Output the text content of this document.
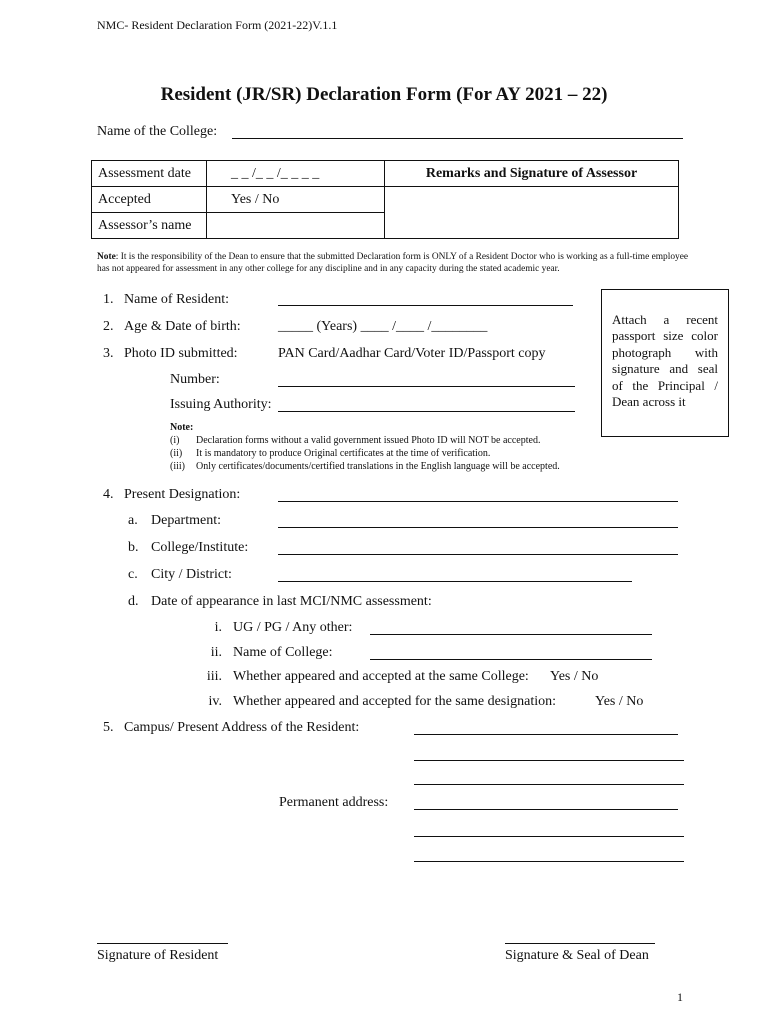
NMC- Resident Declaration Form (2021-22)V.1.1
Resident (JR/SR) Declaration Form (For AY 2021 – 22)
Name of the College:
Assessment date	_ _ /_ _ /_ _ _ _	Remarks and Signature of Assessor
Accepted	Yes / No	
Assessor’s name		
Note: It is the responsibility of the Dean to ensure that the submitted Declaration form is ONLY of a Resident Doctor who is working as a full-time employee has not appeared for assessment in any other college for any discipline and in any capacity during the stated academic year.
Attach a recent passport size color photograph with signature and seal of the Principal / Dean across it
1. Name of Resident:
2. Age & Date of birth:	_____ (Years) ____ /____ /________
3. Photo ID submitted:	PAN Card/Aadhar Card/Voter ID/Passport copy
Number:
Issuing Authority:
Note:
(i) Declaration forms without a valid government issued Photo ID will NOT be accepted.
(ii) It is mandatory to produce Original certificates at the time of verification.
(iii) Only certificates/documents/certified translations in the English language will be accepted.
4. Present Designation:
a. Department:
b. College/Institute:
c. City / District:
d. Date of appearance in last MCI/NMC assessment:
i. UG / PG / Any other:
ii. Name of College:
iii. Whether appeared and accepted at the same College: Yes / No
iv. Whether appeared and accepted for the same designation:	Yes / No
5. Campus/ Present Address of the Resident:
Permanent address:
Signature of Resident	Signature & Seal of Dean
1
